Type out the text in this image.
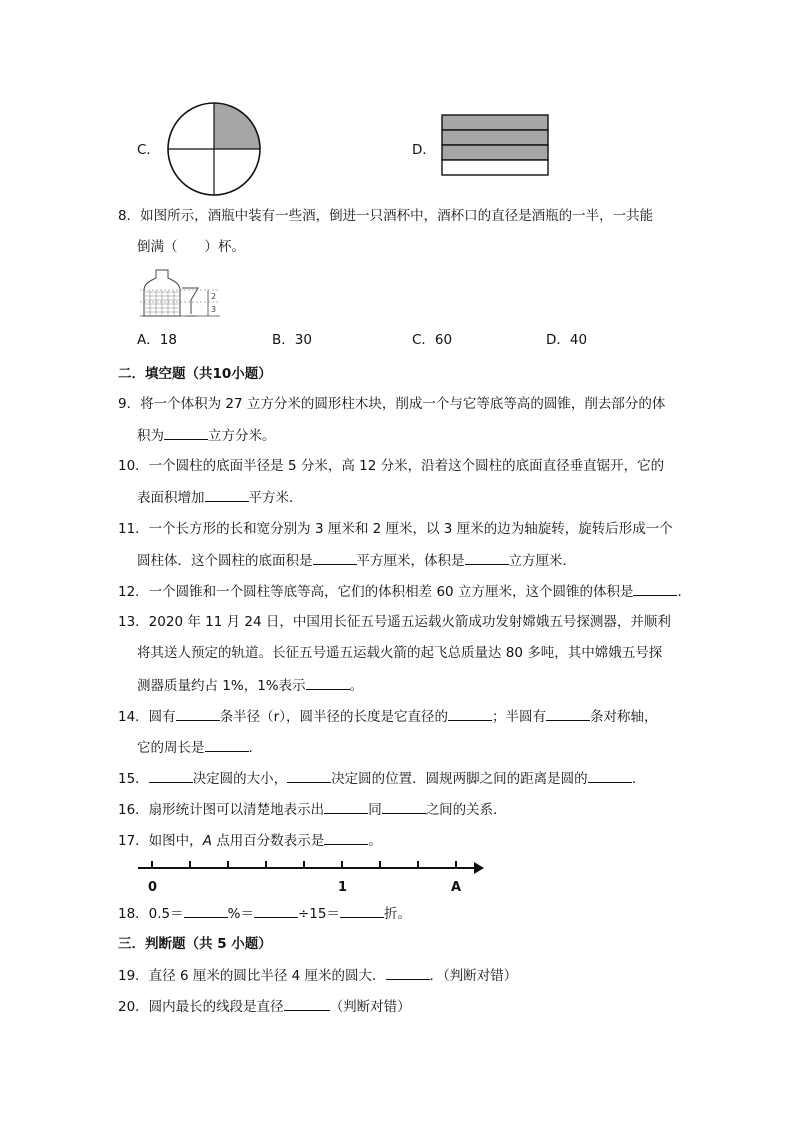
C．	D．
8．如图所示，酒瓶中装有一些酒，倒进一只酒杯中，酒杯口的直径是酒瓶的一半，一共能
倒满（　　）杯。
2
3
A．18	B．30	C．60	D．40
二．填空题（共10小题）
9．将一个体积为 27 立方分米的圆形柱木块，削成一个与它等底等高的圆锥，削去部分的体
积为	立方分米。
10．一个圆柱的底面半径是 5 分米，高 12 分米，沿着这个圆柱的底面直径垂直锯开，它的
表面积增加	平方米．
11．一个长方形的长和宽分别为 3 厘米和 2 厘米，以 3 厘米的边为轴旋转，旋转后形成一个
圆柱体．这个圆柱的底面积是	平方厘米，体积是	立方厘米．
12．一个圆锥和一个圆柱等底等高，它们的体积相差 60 立方厘米，这个圆锥的体积是	．
13．2020 年 11 月 24 日，中国用长征五号遥五运载火箭成功发射嫦娥五号探测器，并顺利
将其送人预定的轨道。长征五号遥五运载火箭的起飞总质量达 80 多吨，其中嫦娥五号探
测器质量约占 1%，1%表示	。
14．圆有	条半径（r），圆半径的长度是它直径的	；半圆有	条对称轴，
它的周长是	.
15．	决定圆的大小，	决定圆的位置．圆规两脚之间的距离是圆的	.
16．扇形统计图可以清楚地表示出	同	之间的关系．
17．如图中，A 点用百分数表示是	。
0	1	A
18．0.5＝	%＝	÷15＝	折。
三．判断题（共 5 小题）
19．直径 6 厘米的圆比半径 4 厘米的圆大．	．（判断对错）
20．圆内最长的线段是直径	（判断对错）
